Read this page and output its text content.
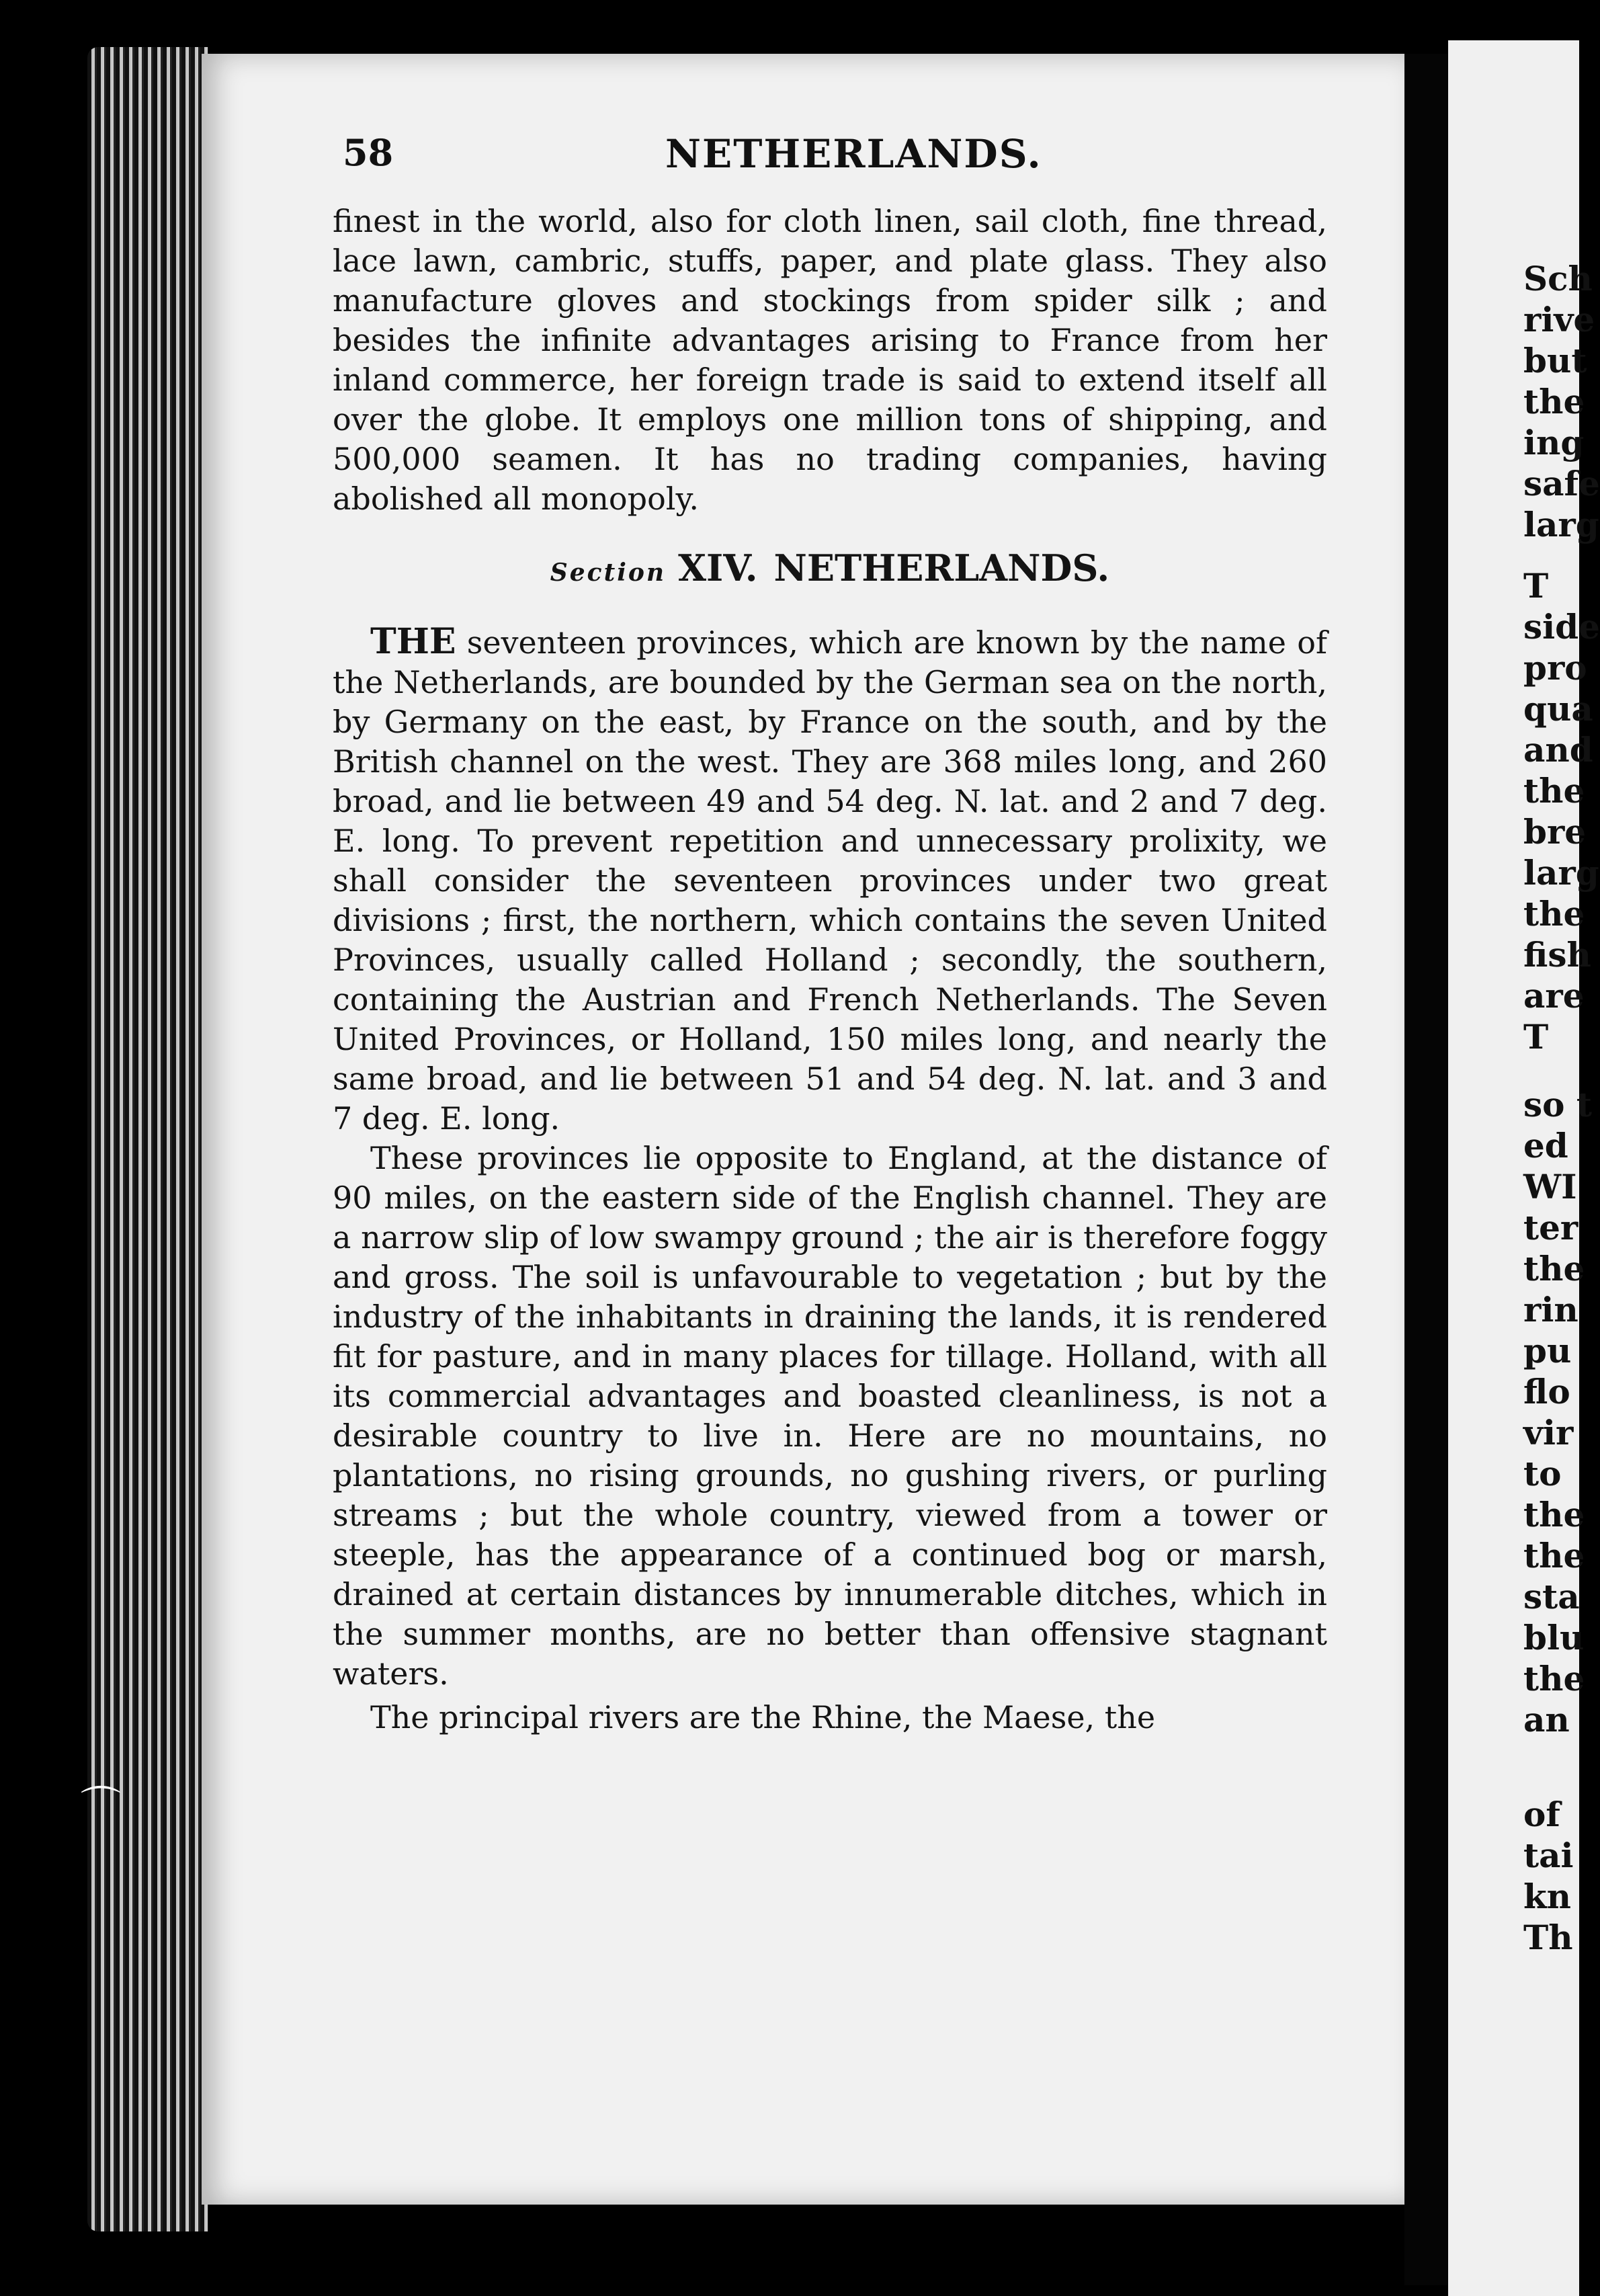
58	NETHERLANDS.

finest in the world, also for cloth linen, sail cloth, fine thread, lace lawn, cambric, stuffs, paper, and plate glass. They also manufacture gloves and stockings from spider silk ; and besides the infinite advantages arising to France from her inland commerce, her foreign trade is said to extend itself all over the globe. It employs one million tons of shipping, and 500,000 seamen. It has no trading companies, having abolished all monopoly.

Section XIV. NETHERLANDS.

THE seventeen provinces, which are known by the name of the Netherlands, are bounded by the German sea on the north, by Germany on the east, by France on the south, and by the British channel on the west. They are 368 miles long, and 260 broad, and lie between 49 and 54 deg. N. lat. and 2 and 7 deg. E. long. To prevent repetition and unnecessary prolixity, we shall consider the seventeen provinces under two great divisions ; first, the northern, which contains the seven United Provinces, usually called Holland ; secondly, the southern, containing the Austrian and French Netherlands. The Seven United Provinces, or Holland, 150 miles long, and nearly the same broad, and lie between 51 and 54 deg. N. lat. and 3 and 7 deg. E. long.

These provinces lie opposite to England, at the distance of 90 miles, on the eastern side of the English channel. They are a narrow slip of low swampy ground ; the air is therefore foggy and gross. The soil is unfavourable to vegetation ; but by the industry of the inhabitants in draining the lands, it is rendered fit for pasture, and in many places for tillage. Holland, with all its commercial advantages and boasted cleanliness, is not a desirable country to live in. Here are no mountains, no plantations, no rising grounds, no gushing rivers, or purling streams ; but the whole country, viewed from a tower or steeple, has the appearance of a continued bog or marsh, drained at certain distances by innumerable ditches, which in the summer months, are no better than offensive stagnant waters.

The principal rivers are the Rhine, the Maese, the

Sch
rive
but
the
ing
safe
larg
T
side
pro
qua
and
the
bre
larg
the
fish
are
T
so t
ed
WI
ter
the
rin
pu
flo
vir
to
the
the
sta
blu
the
an
of
tai
kn
Th
⌒
